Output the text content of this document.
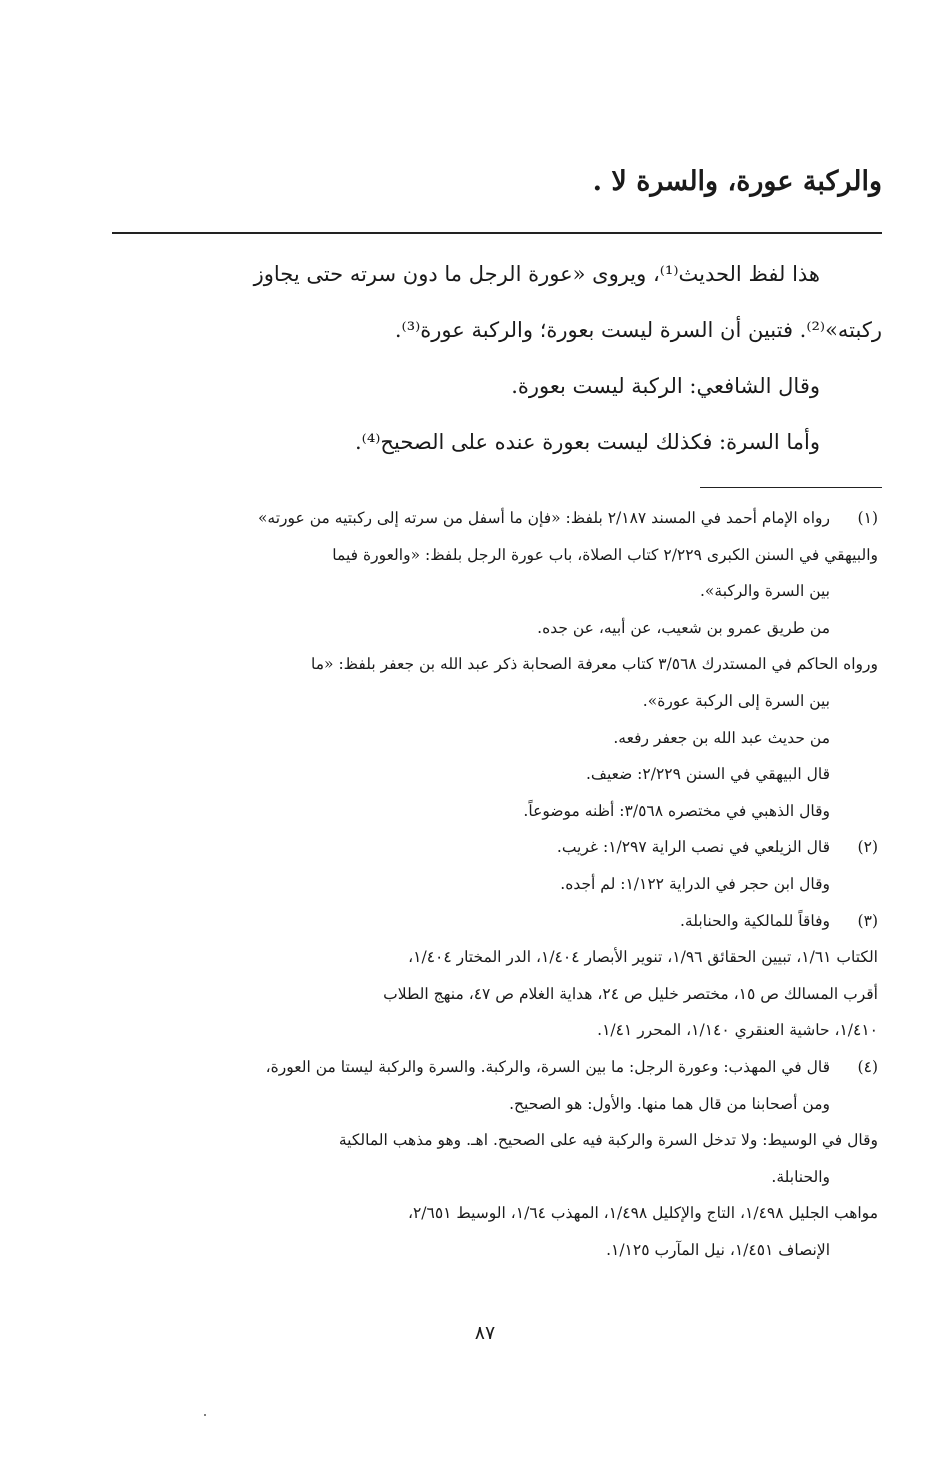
والركبة عورة، والسرة لا .
هذا لفظ الحديث⁽¹⁾، ويروى «عورة الرجل ما دون سرته حتى يجاوز
ركبته»⁽²⁾. فتبين أن السرة ليست بعورة؛ والركبة عورة⁽³⁾.
وقال الشافعي: الركبة ليست بعورة.
وأما السرة: فكذلك ليست بعورة عنده على الصحيح⁽⁴⁾.
(١)رواه الإمام أحمد في المسند ٢/١٨٧ بلفظ: «فإن ما أسفل من سرته إلى ركبتيه من عورته»
والبيهقي في السنن الكبرى ٢/٢٢٩ كتاب الصلاة، باب عورة الرجل بلفظ: «والعورة فيما
بين السرة والركبة».
من طريق عمرو بن شعيب، عن أبيه، عن جده.
ورواه الحاكم في المستدرك ٣/٥٦٨ كتاب معرفة الصحابة ذكر عبد الله بن جعفر بلفظ: «ما
بين السرة إلى الركبة عورة».
من حديث عبد الله بن جعفر رفعه.
قال البيهقي في السنن ٢/٢٢٩: ضعيف.
وقال الذهبي في مختصره ٣/٥٦٨: أظنه موضوعاً.
(٢)قال الزيلعي في نصب الراية ١/٢٩٧: غريب.
وقال ابن حجر في الدراية ١/١٢٢: لم أجده.
(٣)وفاقاً للمالكية والحنابلة.
الكتاب ١/٦١، تبيين الحقائق ١/٩٦، تنوير الأبصار ١/٤٠٤، الدر المختار ١/٤٠٤،
أقرب المسالك ص ١٥، مختصر خليل ص ٢٤، هداية الغلام ص ٤٧، منهج الطلاب
١/٤١٠، حاشية العنقري ١/١٤٠، المحرر ١/٤١.
(٤)قال في المهذب: وعورة الرجل: ما بين السرة، والركبة. والسرة والركبة ليستا من العورة،
ومن أصحابنا من قال هما منها. والأول: هو الصحيح.
وقال في الوسيط: ولا تدخل السرة والركبة فيه على الصحيح. اهـ. وهو مذهب المالكية
والحنابلة.
مواهب الجليل ١/٤٩٨، التاج والإكليل ١/٤٩٨، المهذب ١/٦٤، الوسيط ٢/٦٥١،
الإنصاف ١/٤٥١، نيل المآرب ١/١٢٥.
٨٧
